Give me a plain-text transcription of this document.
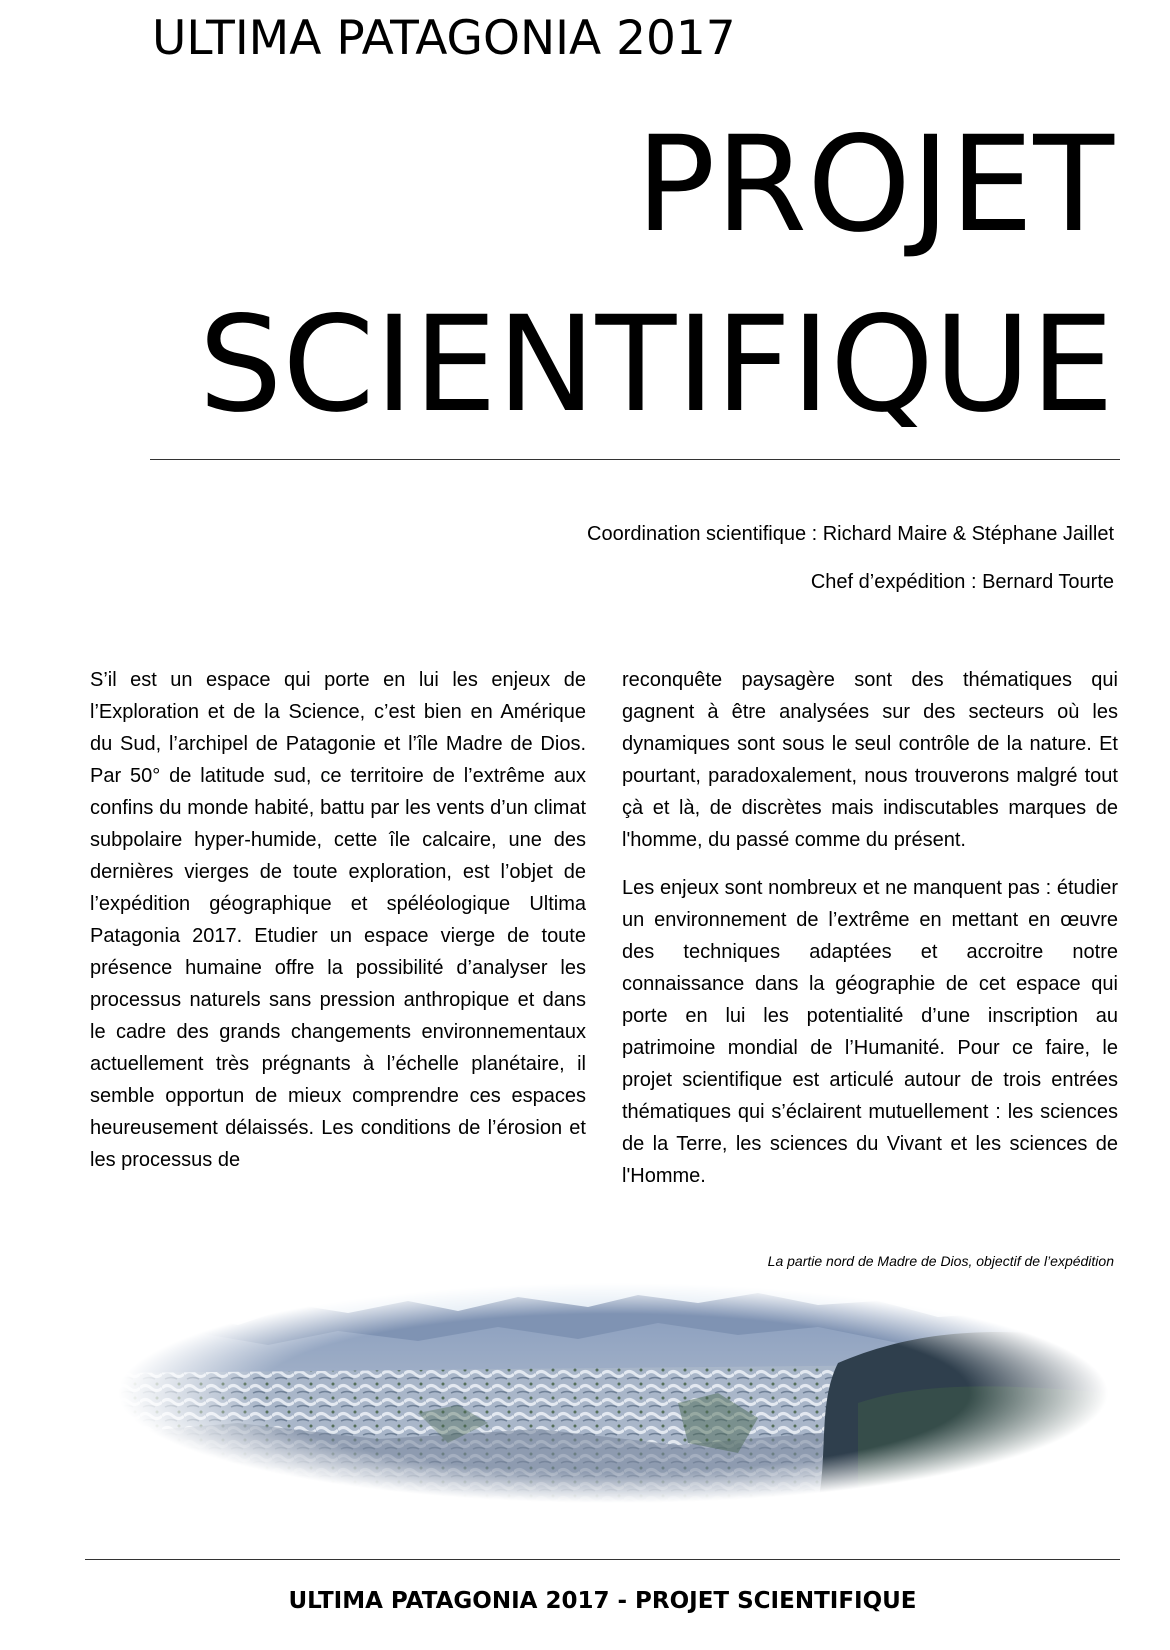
ULTIMA PATAGONIA 2017
PROJET
SCIENTIFIQUE
Coordination scientifique : Richard Maire & Stéphane Jaillet
Chef d’expédition : Bernard Tourte

S’il est un espace qui porte en lui les enjeux de l’Exploration et de la Science, c’est bien en Amérique du Sud, l’archipel de Patagonie et l’île Madre de Dios. Par 50° de latitude sud, ce territoire de l’extrême aux confins du monde habité, battu par les vents d’un climat subpolaire hyper-humide, cette île calcaire, une des dernières vierges de toute exploration, est l’objet de l’expédition géographique et spéléologique Ultima Patagonia 2017. Etudier un espace vierge de toute présence humaine offre la possibilité d’analyser les processus naturels sans pression anthropique et dans le cadre des grands changements environnementaux actuellement très prégnants à l’échelle planétaire, il semble opportun de mieux comprendre ces espaces heureusement délaissés. Les conditions de l’érosion et les processus de

reconquête paysagère sont des thématiques qui gagnent à être analysées sur des secteurs où les dynamiques sont sous le seul contrôle de la nature. Et pourtant, paradoxalement, nous trouverons malgré tout çà et là, de discrètes mais indiscutables marques de l'homme, du passé comme du présent.

Les enjeux sont nombreux et ne manquent pas : étudier un environnement de l’extrême en mettant en œuvre des techniques adaptées et accroitre notre connaissance dans la géographie de cet espace qui porte en lui les potentialité d’une inscription au patrimoine mondial de l’Humanité. Pour ce faire, le projet scientifique est articulé autour de trois entrées thématiques qui s’éclairent mutuellement : les sciences de la Terre, les sciences du Vivant et les sciences de l'Homme.

La partie nord de Madre de Dios, objectif de l’expédition
ULTIMA PATAGONIA 2017 - PROJET SCIENTIFIQUE
